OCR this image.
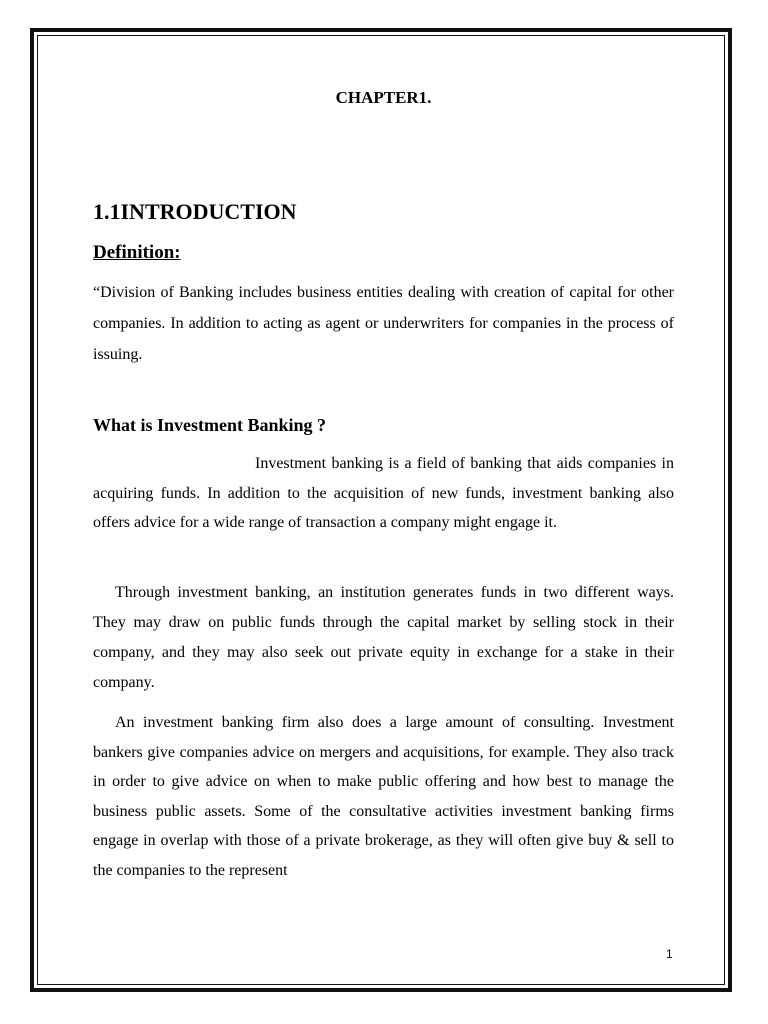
CHAPTER1.
1.1INTRODUCTION
Definition:

“Division of Banking includes business entities dealing with creation of capital for other companies. In addition to acting as agent or underwriters for companies in the process of issuing.

What is Investment Banking ?

Investment banking is a field of banking that aids companies in acquiring funds. In addition to the acquisition of new funds, investment banking also offers advice for a wide range of transaction a company might engage it.

Through investment banking, an institution generates funds in two different ways. They may draw on public funds through the capital market by selling stock in their company, and they may also seek out private equity in exchange for a stake in their company.

An investment banking firm also does a large amount of consulting. Investment bankers give companies advice on mergers and acquisitions, for example. They also track in order to give advice on when to make public offering and how best to manage the business public assets. Some of the consultative activities investment banking firms engage in overlap with those of a private brokerage, as they will often give buy & sell to the companies to the represent

1
